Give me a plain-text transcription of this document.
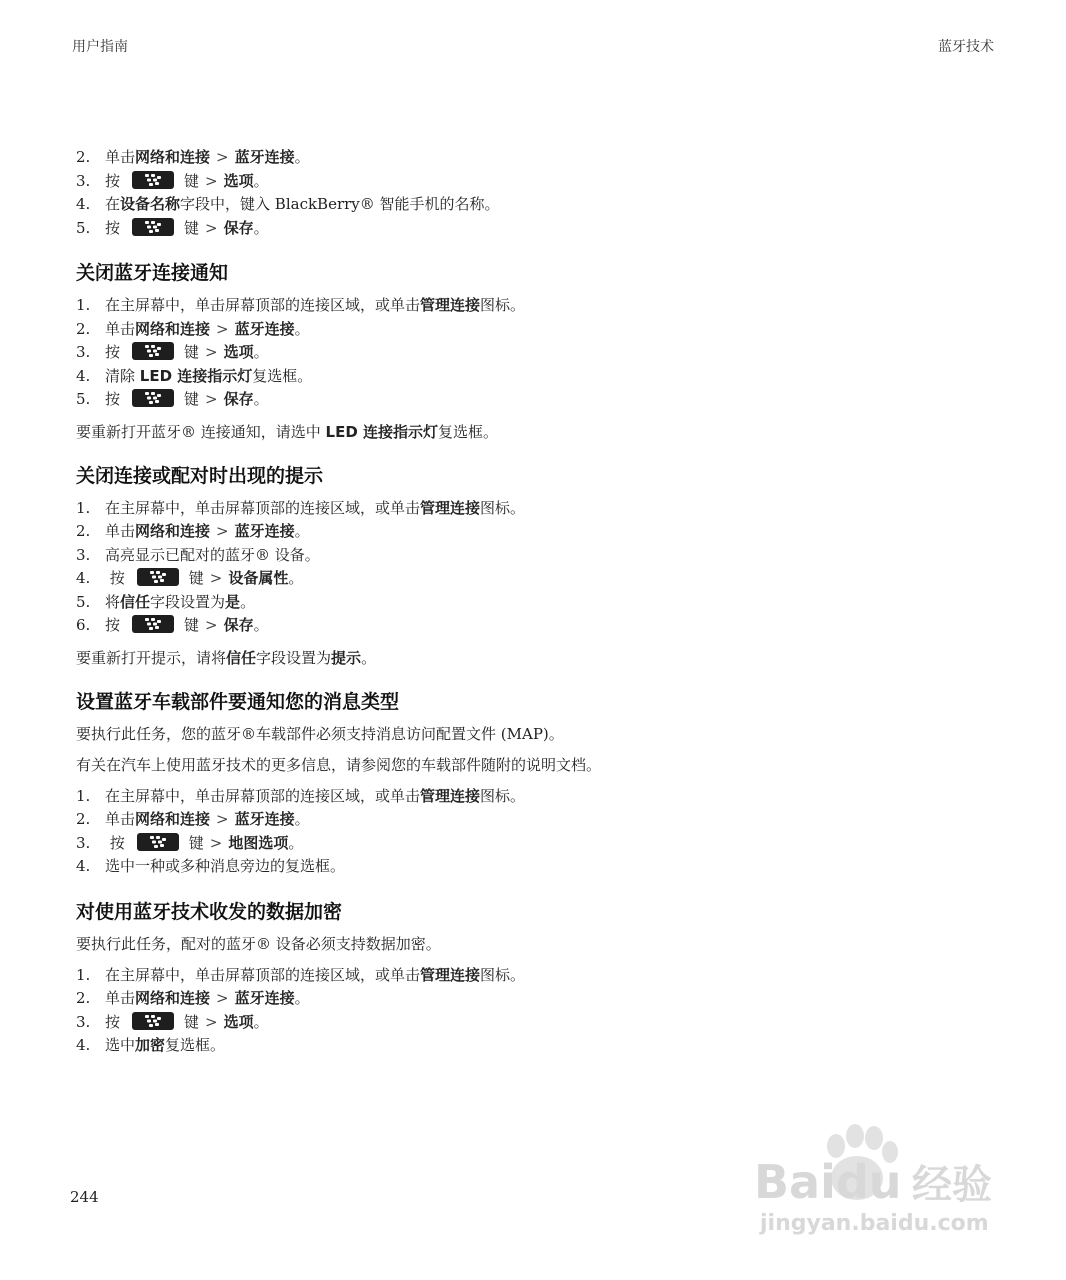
用户指南	蓝牙技术
2. 单击网络和连接 > 蓝牙连接。
3. 按	键 > 选项。
4. 在设备名称字段中，键入 BlackBerry® 智能手机的名称。
5. 按	键 > 保存。
关闭蓝牙连接通知
1. 在主屏幕中，单击屏幕顶部的连接区域，或单击管理连接图标。
2. 单击网络和连接 > 蓝牙连接。
3. 按	键 > 选项。
4. 清除 LED 连接指示灯复选框。
5. 按	键 > 保存。

要重新打开蓝牙® 连接通知，请选中 LED 连接指示灯复选框。

关闭连接或配对时出现的提示
1. 在主屏幕中，单击屏幕顶部的连接区域，或单击管理连接图标。
2. 单击网络和连接 > 蓝牙连接。
3. 高亮显示已配对的蓝牙® 设备。
4. 按	键 > 设备属性。
5. 将信任字段设置为是。
6. 按	键 > 保存。

要重新打开提示，请将信任字段设置为提示。

设置蓝牙车载部件要通知您的消息类型

要执行此任务，您的蓝牙®车载部件必须支持消息访问配置文件 (MAP)。

有关在汽车上使用蓝牙技术的更多信息，请参阅您的车载部件随附的说明文档。

1. 在主屏幕中，单击屏幕顶部的连接区域，或单击管理连接图标。
2. 单击网络和连接 > 蓝牙连接。
3. 按	键 > 地图选项。
4. 选中一种或多种消息旁边的复选框。
对使用蓝牙技术收发的数据加密

要执行此任务，配对的蓝牙® 设备必须支持数据加密。

1. 在主屏幕中，单击屏幕顶部的连接区域，或单击管理连接图标。
2. 单击网络和连接 > 蓝牙连接。
3. 按	键 > 选项。
4. 选中加密复选框。
244	Baidu 经验
jingyan.baidu.com
